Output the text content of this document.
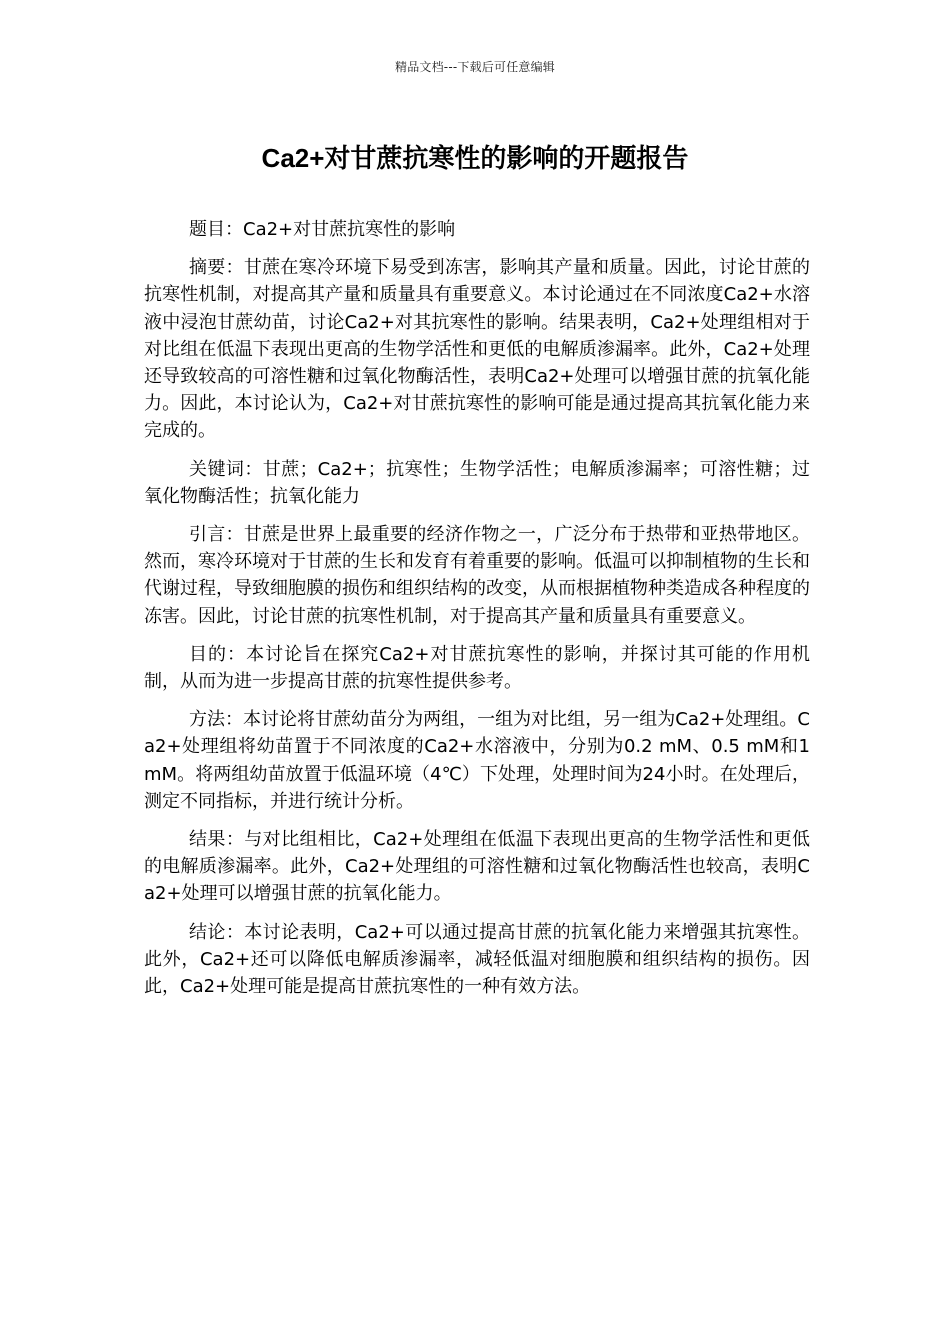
精品文档---下载后可任意编辑
Ca2+对甘蔗抗寒性的影响的开题报告

题目：Ca2+对甘蔗抗寒性的影响

摘要：甘蔗在寒冷环境下易受到冻害，影响其产量和质量。因此，讨论甘蔗的抗寒性机制，对提高其产量和质量具有重要意义。本讨论通过在不同浓度Ca2+水溶液中浸泡甘蔗幼苗，讨论Ca2+对其抗寒性的影响。结果表明，Ca2+处理组相对于对比组在低温下表现出更高的生物学活性和更低的电解质渗漏率。此外，Ca2+处理还导致较高的可溶性糖和过氧化物酶活性，表明Ca2+处理可以增强甘蔗的抗氧化能力。因此，本讨论认为，Ca2+对甘蔗抗寒性的影响可能是通过提高其抗氧化能力来完成的。

关键词：甘蔗；Ca2+；抗寒性；生物学活性；电解质渗漏率；可溶性糖；过氧化物酶活性；抗氧化能力

引言：甘蔗是世界上最重要的经济作物之一，广泛分布于热带和亚热带地区。然而，寒冷环境对于甘蔗的生长和发育有着重要的影响。低温可以抑制植物的生长和代谢过程，导致细胞膜的损伤和组织结构的改变，从而根据植物种类造成各种程度的冻害。因此，讨论甘蔗的抗寒性机制，对于提高其产量和质量具有重要意义。

目的：本讨论旨在探究Ca2+对甘蔗抗寒性的影响，并探讨其可能的作用机制，从而为进一步提高甘蔗的抗寒性提供参考。

方法：本讨论将甘蔗幼苗分为两组，一组为对比组，另一组为Ca2+处理组。Ca2+处理组将幼苗置于不同浓度的Ca2+水溶液中，分别为0.2 mM、0.5 mM和1 mM。将两组幼苗放置于低温环境（4℃）下处理，处理时间为24小时。在处理后，测定不同指标，并进行统计分析。

结果：与对比组相比，Ca2+处理组在低温下表现出更高的生物学活性和更低的电解质渗漏率。此外，Ca2+处理组的可溶性糖和过氧化物酶活性也较高，表明Ca2+处理可以增强甘蔗的抗氧化能力。

结论：本讨论表明，Ca2+可以通过提高甘蔗的抗氧化能力来增强其抗寒性。此外，Ca2+还可以降低电解质渗漏率，减轻低温对细胞膜和组织结构的损伤。因此，Ca2+处理可能是提高甘蔗抗寒性的一种有效方法。
